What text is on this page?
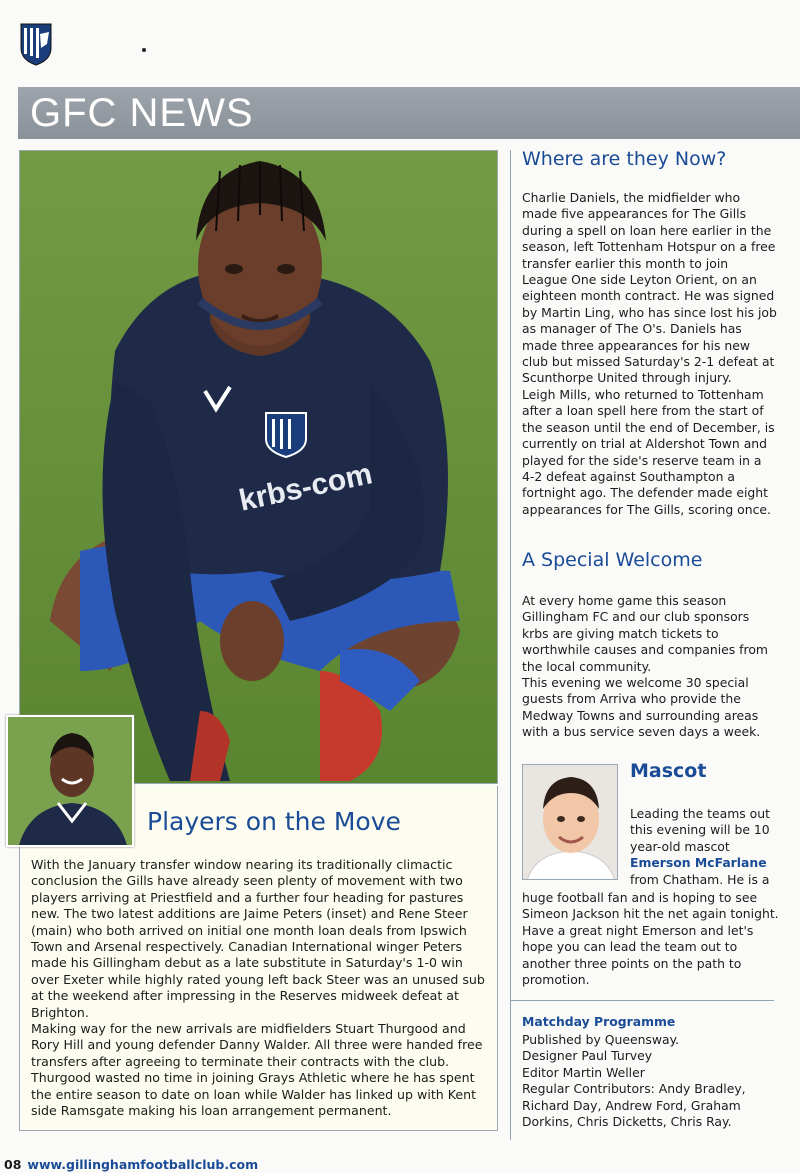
GFC NEWS
krbs-com
Players on the Move
With the January transfer window nearing its traditionally climactic conclusion the Gills have already seen plenty of movement with two players arriving at Priestfield and a further four heading for pastures new. The two latest additions are Jaime Peters (inset) and Rene Steer (main) who both arrived on initial one month loan deals from Ipswich Town and Arsenal respectively. Canadian International winger Peters made his Gillingham debut as a late substitute in Saturday's 1-0 win over Exeter while highly rated young left back Steer was an unused sub at the weekend after impressing in the Reserves midweek defeat at Brighton.
Making way for the new arrivals are midfielders Stuart Thurgood and Rory Hill and young defender Danny Walder. All three were handed free transfers after agreeing to terminate their contracts with the club.
Thurgood wasted no time in joining Grays Athletic where he has spent the entire season to date on loan while Walder has linked up with Kent side Ramsgate making his loan arrangement permanent.
Where are they Now?
Charlie Daniels, the midfielder who made five appearances for The Gills during a spell on loan here earlier in the season, left Tottenham Hotspur on a free transfer earlier this month to join League One side Leyton Orient, on an eighteen month contract. He was signed by Martin Ling, who has since lost his job as manager of The O's. Daniels has made three appearances for his new club but missed Saturday's 2-1 defeat at Scunthorpe United through injury.
Leigh Mills, who returned to Tottenham after a loan spell here from the start of the season until the end of December, is currently on trial at Aldershot Town and played for the side's reserve team in a 4-2 defeat against Southampton a fortnight ago. The defender made eight appearances for The Gills, scoring once.
A Special Welcome
At every home game this season Gillingham FC and our club sponsors krbs are giving match tickets to worthwhile causes and companies from the local community.
This evening we welcome 30 special guests from Arriva who provide the Medway Towns and surrounding areas with a bus service seven days a week.
Mascot
Leading the teams out this evening will be 10 year-old mascot Emerson McFarlane from Chatham. He is a
huge football fan and is hoping to see Simeon Jackson hit the net again tonight. Have a great night Emerson and let's hope you can lead the team out to another three points on the path to promotion.
Matchday Programme
Published by Queensway.
Designer Paul Turvey
Editor Martin Weller
Regular Contributors: Andy Bradley,
Richard Day, Andrew Ford, Graham
Dorkins, Chris Dicketts, Chris Ray.
08 www.gillinghamfootballclub.com
